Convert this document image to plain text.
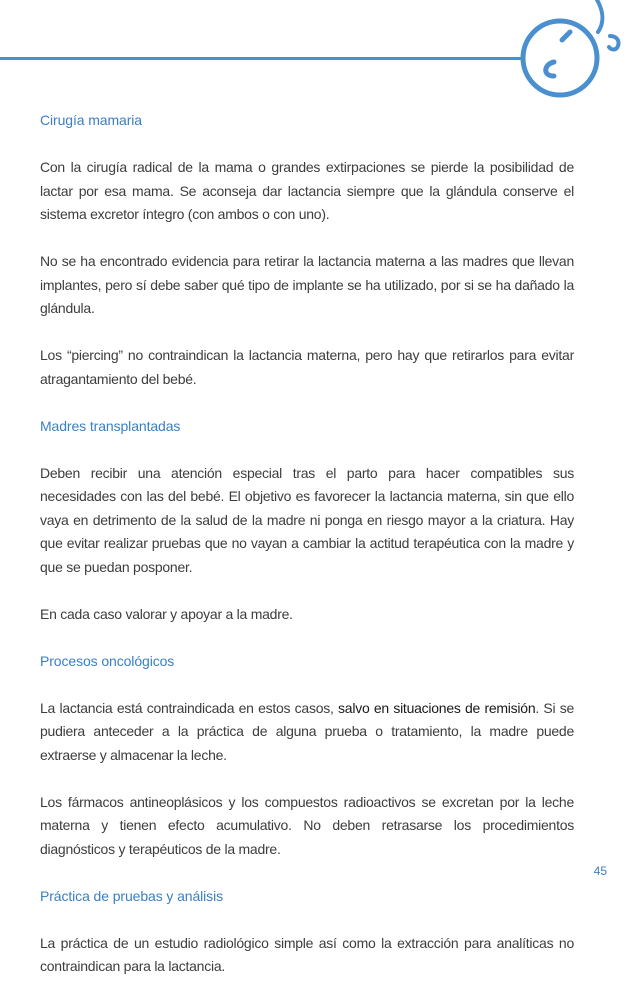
Cirugía mamaria

Con la cirugía radical de la mama o grandes extirpaciones se pierde la posibilidad de lactar por esa mama. Se aconseja dar lactancia siempre que la glándula conserve el sistema excretor íntegro (con ambos o con uno).

No se ha encontrado evidencia para retirar la lactancia materna a las madres que llevan implantes, pero sí debe saber qué tipo de implante se ha utilizado, por si se ha dañado la glándula.

Los “piercing” no contraindican la lactancia materna, pero hay que retirarlos para evitar atragantamiento del bebé.

Madres transplantadas

Deben recibir una atención especial tras el parto para hacer compatibles sus necesidades con las del bebé. El objetivo es favorecer la lactancia materna, sin que ello vaya en detrimento de la salud de la madre ni ponga en riesgo mayor a la criatura. Hay que evitar realizar pruebas que no vayan a cambiar la actitud terapéutica con la madre y que se puedan posponer.

En cada caso valorar y apoyar a la madre.

Procesos oncológicos

La lactancia está contraindicada en estos casos, salvo en situaciones de remisión. Si se pudiera anteceder a la práctica de alguna prueba o tratamiento, la madre puede extraerse y almacenar la leche.

Los fármacos antineoplásicos y los compuestos radioactivos se excretan por la leche materna y tienen efecto acumulativo. No deben retrasarse los procedimientos diagnósticos y terapéuticos de la madre.

Práctica de pruebas y análisis

La práctica de un estudio radiológico simple así como la extracción para analíticas no contraindican para la lactancia.

45
